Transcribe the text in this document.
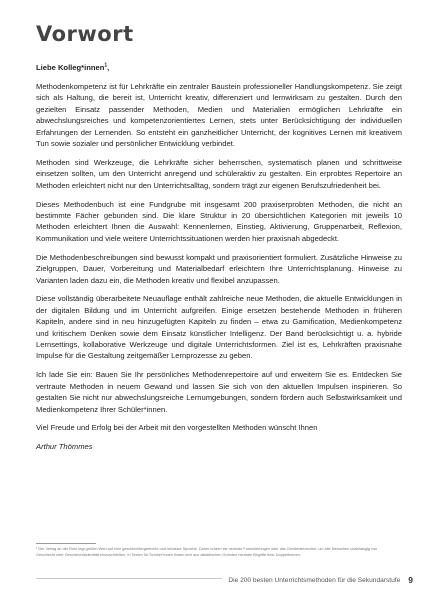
Vorwort
Liebe Kolleg*innen$^1$,

Methodenkompetenz ist für Lehrkräfte ein zentraler Baustein professioneller Handlungskompetenz. Sie zeigt sich als Haltung, die bereit ist, Unterricht kreativ, differenziert und lernwirksam zu gestalten. Durch den gezielten Einsatz passender Methoden, Medien und Materialien ermöglichen Lehrkräfte ein abwechslungsreiches und kompetenzorientiertes Lernen, stets unter Berücksichtigung der individuellen Erfahrungen der Lernenden. So entsteht ein ganzheitlicher Unterricht, der kognitives Lernen mit kreativem Tun sowie sozialer und persönlicher Entwicklung verbindet.

Methoden sind Werkzeuge, die Lehrkräfte sicher beherrschen, systematisch planen und schrittweise einsetzen sollten, um den Unterricht anregend und schüleraktiv zu gestalten. Ein erprobtes Repertoire an Methoden erleichtert nicht nur den Unterrichtsalltag, sondern trägt zur eigenen Berufszufriedenheit bei.

Dieses Methodenbuch ist eine Fundgrube mit insgesamt 200 praxiserprobten Methoden, die nicht an bestimmte Fächer gebunden sind. Die klare Struktur in 20 übersichtlichen Kategorien mit jeweils 10 Methoden erleichtert Ihnen die Auswahl: Kennenlernen, Einstieg, Aktivierung, Gruppenarbeit, Reflexion, Kommunikation und viele weitere Unterrichtssituationen werden hier praxisnah abgedeckt.

Die Methodenbeschreibungen sind bewusst kompakt und praxisorientiert formuliert. Zusätzliche Hinweise zu Zielgruppen, Dauer, Vorbereitung und Materialbedarf erleichtern Ihre Unterrichtsplanung. Hinweise zu Varianten laden dazu ein, die Methoden kreativ und flexibel anzupassen.

Diese vollständig überarbeitete Neuauflage enthält zahlreiche neue Methoden, die aktuelle Entwicklungen in der digitalen Bildung und im Unterricht aufgreifen. Einige ersetzen bestehende Methoden in früheren Kapiteln, andere sind in neu hinzugefügten Kapiteln zu finden – etwa zu Gamification, Medienkompetenz und kritischem Denken sowie dem Einsatz künstlicher Intelligenz. Der Band berücksichtigt u. a. hybride Lernsettings, kollaborative Werkzeuge und digitale Unterrichtsformen. Ziel ist es, Lehrkräften praxisnahe Impulse für die Gestaltung zeitgemäßer Lernprozesse zu geben.

Ich lade Sie ein: Bauen Sie Ihr persönliches Methodenrepertoire auf und erweitern Sie es. Entdecken Sie vertraute Methoden in neuem Gewand und lassen Sie sich von den aktuellen Impulsen inspirieren. So gestalten Sie nicht nur abwechslungsreiche Lernumgebungen, sondern fördern auch Selbstwirksamkeit und Medienkompetenz Ihrer Schüler*innen.

Viel Freude und Erfolg bei der Arbeit mit den vorgestellten Methoden wünscht Ihnen

Arthur Thömmes

¹ Der Verlag an der Ruhr legt großen Wert auf eine geschlechtergerechte und inklusive Sprache. Daher nutzen wir neutrale Formulierungen oder das Gendersternchen, um alle Menschen unabhängig von Geschlecht oder Geschlechtsidentität einzuschließen. In Texten für Schüler*innen finden sich aus didaktischen Gründen neutrale Begriffe bzw. Doppelformen.
Die 200 besten Unterrichtsmethoden für die Sekundarstufe 9
